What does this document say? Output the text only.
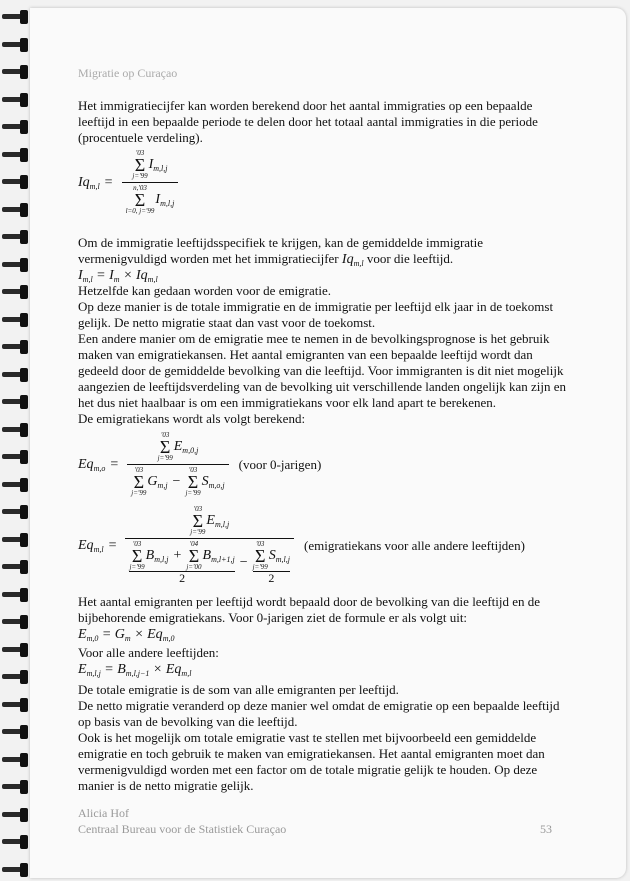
Migratie op Curaçao
Het immigratiecijfer kan worden berekend door het aantal immigraties op een bepaalde
leeftijd in een bepaalde periode te delen door het totaal aantal immigraties in die periode
(procentuele verdeling).
$Iq_{m,l}$ = '03
Σ
j='99
$I_{m,l,j}$
n,'03
Σ
l=0, j='99
$I_{m,l,j}$
Om de immigratie leeftijdsspecifiek te krijgen, kan de gemiddelde immigratie
vermenigvuldigd worden met het immigratiecijfer $Iq_{m,l}$ voor die leeftijd.
$I_{m,l} = I_m \times Iq_{m,l}$
Hetzelfde kan gedaan worden voor de emigratie.
Op deze manier is de totale immigratie en de immigratie per leeftijd elk jaar in de toekomst
gelijk. De netto migratie staat dan vast voor de toekomst.
Een andere manier om de emigratie mee te nemen in de bevolkingsprognose is het gebruik
maken van emigratiekansen. Het aantal emigranten van een bepaalde leeftijd wordt dan
gedeeld door de gemiddelde bevolking van die leeftijd. Voor immigranten is dit niet mogelijk
aangezien de leeftijdsverdeling van de bevolking uit verschillende landen ongelijk kan zijn en
het dus niet haalbaar is om een immigratiekans voor elk land apart te berekenen.
De emigratiekans wordt als volgt berekend:
$Eq_{m,o}$ = '03
Σ
j='99
$E_{m,0,j}$
'03
Σ
j='99
$G_{m,j}$ −
'03
Σ
j='99
$S_{m,o,j}$ (voor 0-jarigen)
$Eq_{m,l}$ =
'03
Σ
j='99
$E_{m,l,j}$
'03
Σ
j='99
$B_{m,l,j}$ +
'04
Σ
j='00
$B_{m,l+1,j}$
2
− '03
Σ
j='99
$S_{m,l,j}$
2 (emigratiekans voor alle andere leeftijden)
Het aantal emigranten per leeftijd wordt bepaald door de bevolking van die leeftijd en de
bijbehorende emigratiekans. Voor 0-jarigen ziet de formule er als volgt uit:
$E_{m,0} = G_m \times Eq_{m,0}$
Voor alle andere leeftijden:
$E_{m,l,j} = B_{m,l,j-1} \times Eq_{m,l}$
De totale emigratie is de som van alle emigranten per leeftijd.
De netto migratie veranderd op deze manier wel omdat de emigratie op een bepaalde leeftijd
op basis van de bevolking van die leeftijd.
Ook is het mogelijk om totale emigratie vast te stellen met bijvoorbeeld een gemiddelde
emigratie en toch gebruik te maken van emigratiekansen. Het aantal emigranten moet dan
vermenigvuldigd worden met een factor om de totale migratie gelijk te houden. Op deze
manier is de netto migratie gelijk.
Alicia Hof
Centraal Bureau voor de Statistiek Curaçao	53
